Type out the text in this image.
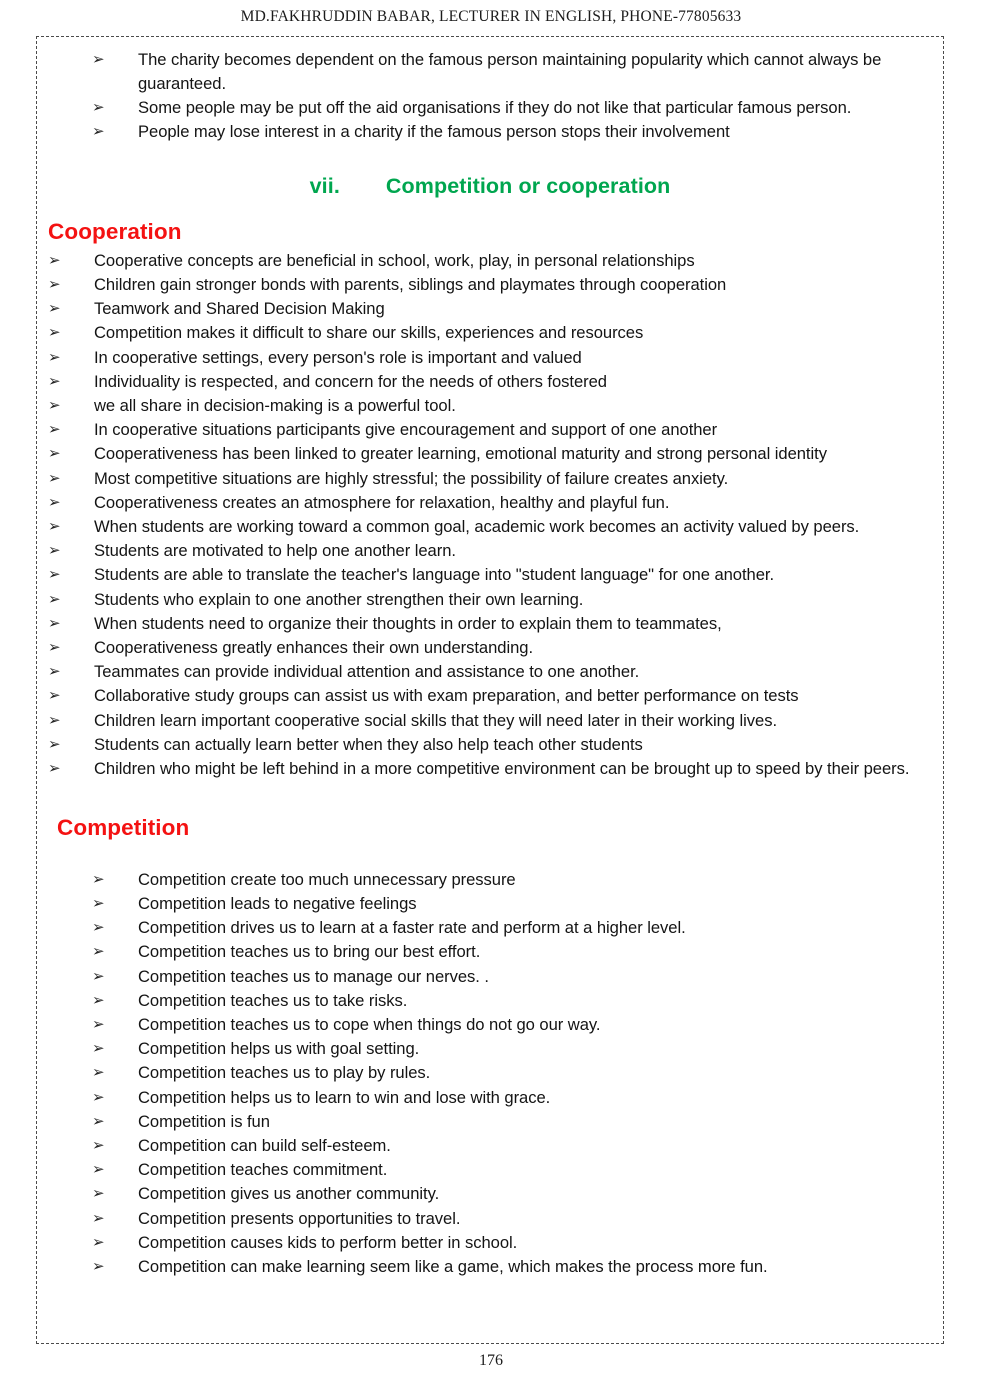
MD.FAKHRUDDIN BABAR, LECTURER IN ENGLISH, PHONE-77805633
➢ The charity becomes dependent on the famous person maintaining popularity which cannot always be guaranteed.
➢ Some people may be put off the aid organisations if they do not like that particular famous person.
➢ People may lose interest in a charity if the famous person stops their involvement
vii. Competition or cooperation
Cooperation
➢ Cooperative concepts are beneficial in school, work, play, in personal relationships
➢ Children gain stronger bonds with parents, siblings and playmates through cooperation
➢ Teamwork and Shared Decision Making
➢ Competition makes it difficult to share our skills, experiences and resources
➢ In cooperative settings, every person's role is important and valued
➢ Individuality is respected, and concern for the needs of others fostered
➢ we all share in decision-making is a powerful tool.
➢ In cooperative situations participants give encouragement and support of one another
➢ Cooperativeness has been linked to greater learning, emotional maturity and strong personal identity
➢ Most competitive situations are highly stressful; the possibility of failure creates anxiety.
➢ Cooperativeness creates an atmosphere for relaxation, healthy and playful fun.
➢ When students are working toward a common goal, academic work becomes an activity valued by peers.
➢ Students are motivated to help one another learn.
➢ Students are able to translate the teacher's language into "student language" for one another.
➢ Students who explain to one another strengthen their own learning.
➢ When students need to organize their thoughts in order to explain them to teammates,
➢ Cooperativeness greatly enhances their own understanding.
➢ Teammates can provide individual attention and assistance to one another.
➢ Collaborative study groups can assist us with exam preparation, and better performance on tests
➢ Children learn important cooperative social skills that they will need later in their working lives.
➢ Students can actually learn better when they also help teach other students
➢ Children who might be left behind in a more competitive environment can be brought up to speed by their peers.
Competition
➢ Competition create too much unnecessary pressure
➢ Competition leads to negative feelings
➢ Competition drives us to learn at a faster rate and perform at a higher level.
➢ Competition teaches us to bring our best effort.
➢ Competition teaches us to manage our nerves. .
➢ Competition teaches us to take risks.
➢ Competition teaches us to cope when things do not go our way.
➢ Competition helps us with goal setting.
➢ Competition teaches us to play by rules.
➢ Competition helps us to learn to win and lose with grace.
➢ Competition is fun
➢ Competition can build self-esteem.
➢ Competition teaches commitment.
➢ Competition gives us another community.
➢ Competition presents opportunities to travel.
➢ Competition causes kids to perform better in school.
➢ Competition can make learning seem like a game, which makes the process more fun.
176
